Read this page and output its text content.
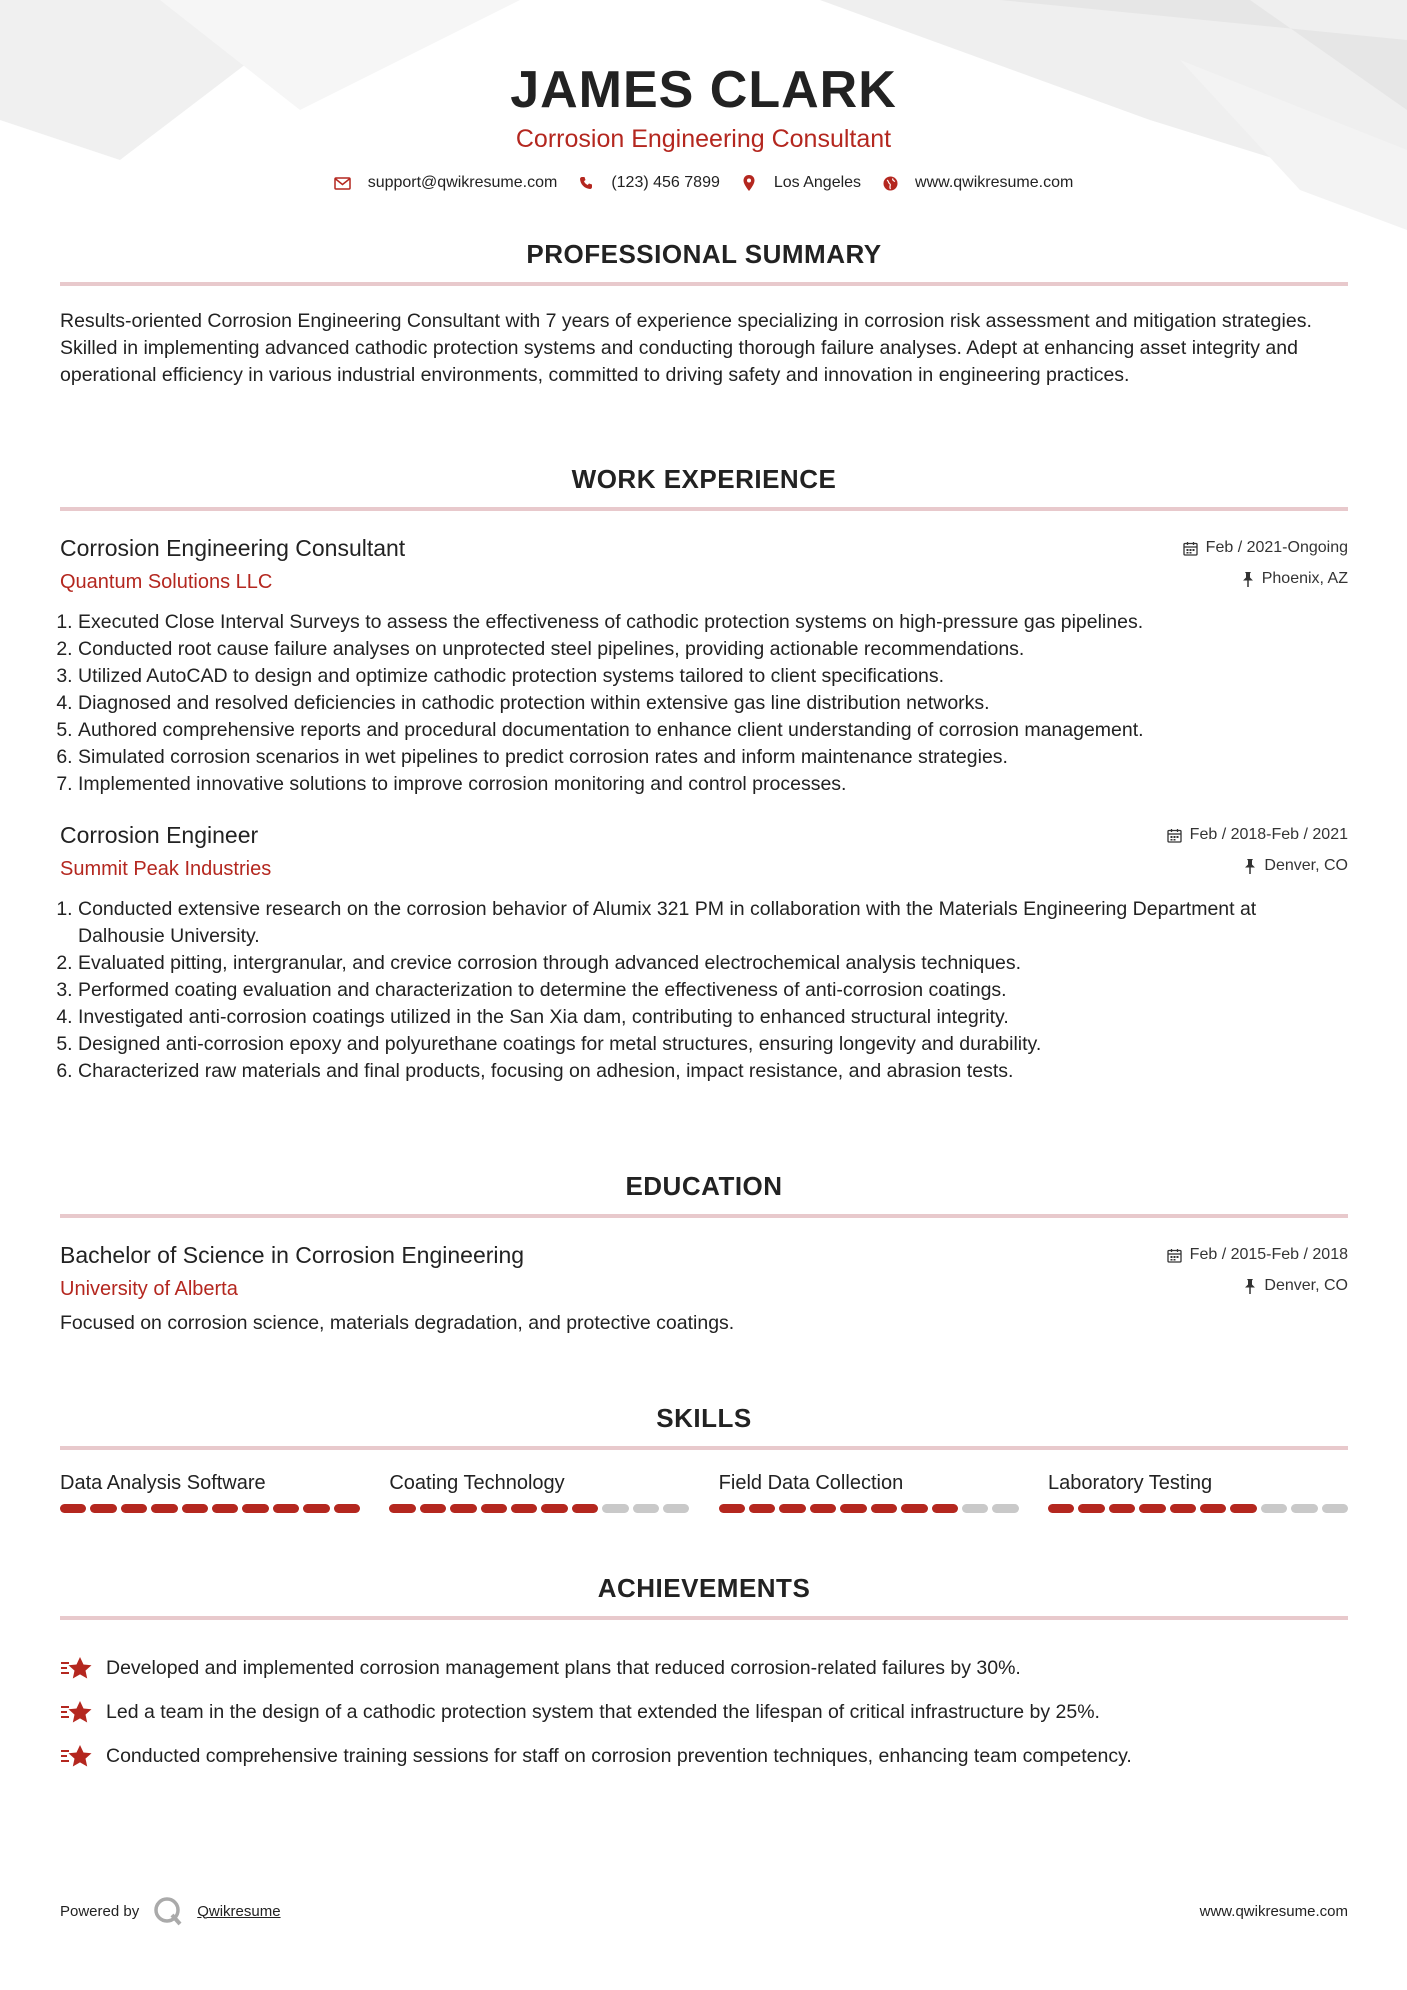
JAMES CLARK
Corrosion Engineering Consultant
support@qwikresume.com	(123) 456 7899	Los Angeles	www.qwikresume.com
PROFESSIONAL SUMMARY
Results-oriented Corrosion Engineering Consultant with 7 years of experience specializing in corrosion risk assessment and mitigation strategies. Skilled in implementing advanced cathodic protection systems and conducting thorough failure analyses. Adept at enhancing asset integrity and operational efficiency in various industrial environments, committed to driving safety and innovation in engineering practices.
WORK EXPERIENCE
Corrosion Engineering Consultant	Feb / 2021-Ongoing
Quantum Solutions LLC	Phoenix, AZ
1. Executed Close Interval Surveys to assess the effectiveness of cathodic protection systems on high-pressure gas pipelines.
2. Conducted root cause failure analyses on unprotected steel pipelines, providing actionable recommendations.
3. Utilized AutoCAD to design and optimize cathodic protection systems tailored to client specifications.
4. Diagnosed and resolved deficiencies in cathodic protection within extensive gas line distribution networks.
5. Authored comprehensive reports and procedural documentation to enhance client understanding of corrosion management.
6. Simulated corrosion scenarios in wet pipelines to predict corrosion rates and inform maintenance strategies.
7. Implemented innovative solutions to improve corrosion monitoring and control processes.
Corrosion Engineer	Feb / 2018-Feb / 2021
Summit Peak Industries	Denver, CO
1. Conducted extensive research on the corrosion behavior of Alumix 321 PM in collaboration with the Materials Engineering Department at Dalhousie University.
2. Evaluated pitting, intergranular, and crevice corrosion through advanced electrochemical analysis techniques.
3. Performed coating evaluation and characterization to determine the effectiveness of anti-corrosion coatings.
4. Investigated anti-corrosion coatings utilized in the San Xia dam, contributing to enhanced structural integrity.
5. Designed anti-corrosion epoxy and polyurethane coatings for metal structures, ensuring longevity and durability.
6. Characterized raw materials and final products, focusing on adhesion, impact resistance, and abrasion tests.
EDUCATION
Bachelor of Science in Corrosion Engineering	Feb / 2015-Feb / 2018
University of Alberta	Denver, CO
Focused on corrosion science, materials degradation, and protective coatings.
SKILLS
Data Analysis Software	Coating Technology	Field Data Collection	Laboratory Testing
ACHIEVEMENTS
Developed and implemented corrosion management plans that reduced corrosion-related failures by 30%.
Led a team in the design of a cathodic protection system that extended the lifespan of critical infrastructure by 25%.
Conducted comprehensive training sessions for staff on corrosion prevention techniques, enhancing team competency.
Powered by	Qwikresume	www.qwikresume.com
